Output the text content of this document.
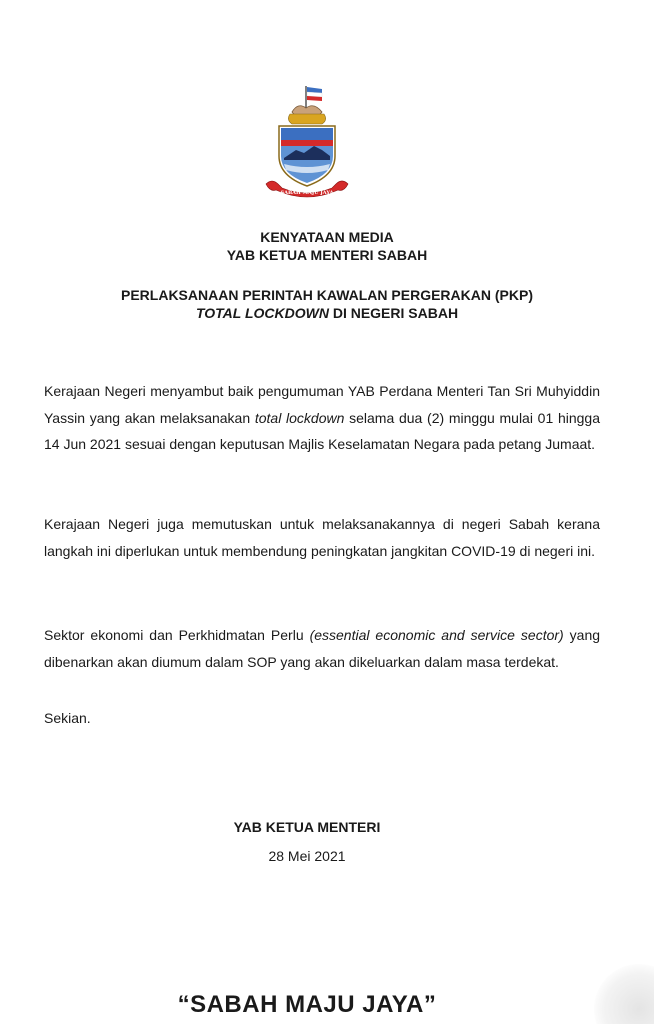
SABAH MAJU JAYA

KENYATAAN MEDIA

YAB KETUA MENTERI SABAH

PERLAKSANAAN PERINTAH KAWALAN PERGERAKAN (PKP)

TOTAL LOCKDOWN DI NEGERI SABAH

Kerajaan Negeri menyambut baik pengumuman YAB Perdana Menteri Tan Sri Muhyiddin Yassin yang akan melaksanakan total lockdown selama dua (2) minggu mulai 01 hingga 14 Jun 2021 sesuai dengan keputusan Majlis Keselamatan Negara pada petang Jumaat.

Kerajaan Negeri juga memutuskan untuk melaksanakannya di negeri Sabah kerana langkah ini diperlukan untuk membendung peningkatan jangkitan COVID-19 di negeri ini.

Sektor ekonomi dan Perkhidmatan Perlu (essential economic and service sector) yang dibenarkan akan diumum dalam SOP yang akan dikeluarkan dalam masa terdekat.

Sekian.

YAB KETUA MENTERI

28 Mei 2021

“SABAH MAJU JAYA”
